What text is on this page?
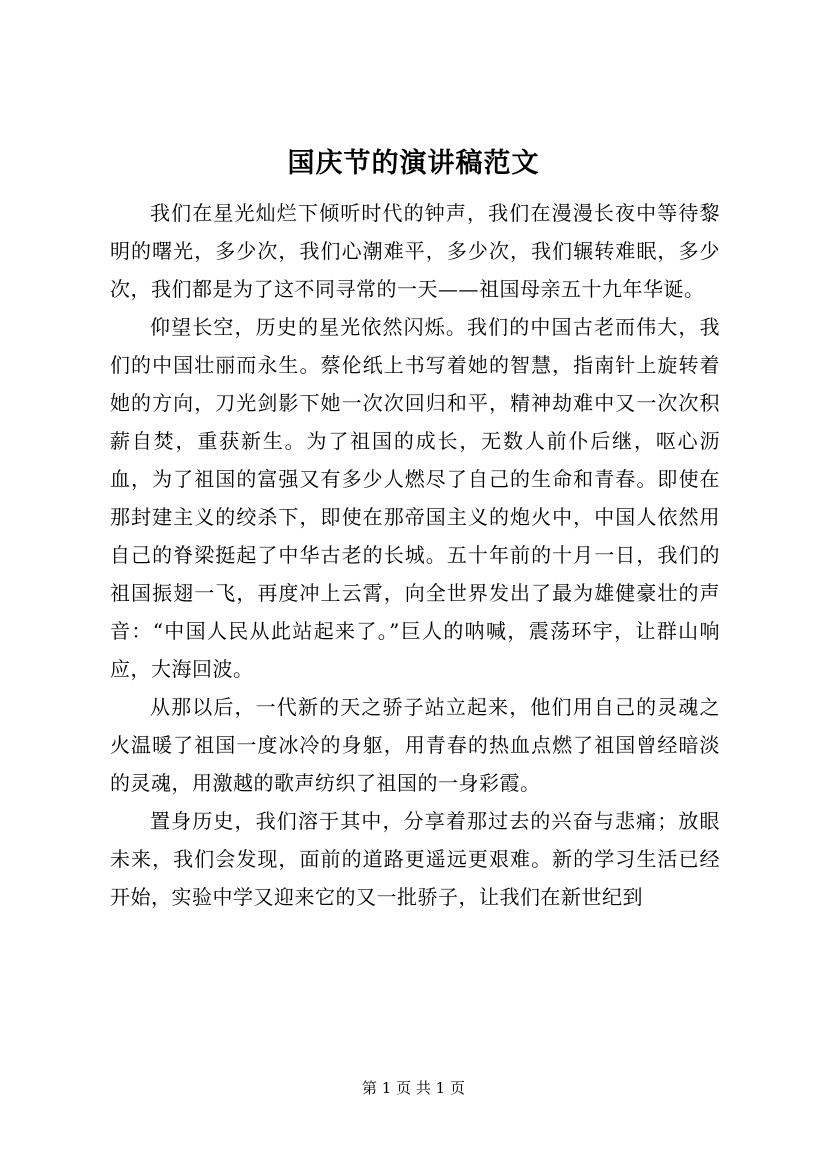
国庆节的演讲稿范文

我们在星光灿烂下倾听时代的钟声，我们在漫漫长夜中等待黎明的曙光，多少次，我们心潮难平，多少次，我们辗转难眠，多少次，我们都是为了这不同寻常的一天——祖国母亲五十九年华诞。

仰望长空，历史的星光依然闪烁。我们的中国古老而伟大，我们的中国壮丽而永生。蔡伦纸上书写着她的智慧，指南针上旋转着她的方向，刀光剑影下她一次次回归和平，精神劫难中又一次次积薪自焚，重获新生。为了祖国的成长，无数人前仆后继，呕心沥血，为了祖国的富强又有多少人燃尽了自己的生命和青春。即使在那封建主义的绞杀下，即使在那帝国主义的炮火中，中国人依然用自己的脊梁挺起了中华古老的长城。五十年前的十月一日，我们的祖国振翅一飞，再度冲上云霄，向全世界发出了最为雄健豪壮的声音：“中国人民从此站起来了。”巨人的呐喊，震荡环宇，让群山响应，大海回波。

从那以后，一代新的天之骄子站立起来，他们用自己的灵魂之火温暖了祖国一度冰冷的身躯，用青春的热血点燃了祖国曾经暗淡的灵魂，用激越的歌声纺织了祖国的一身彩霞。

置身历史，我们溶于其中，分享着那过去的兴奋与悲痛；放眼未来，我们会发现，面前的道路更遥远更艰难。新的学习生活已经开始，实验中学又迎来它的又一批骄子，让我们在新世纪到

第 1 页 共 1 页
